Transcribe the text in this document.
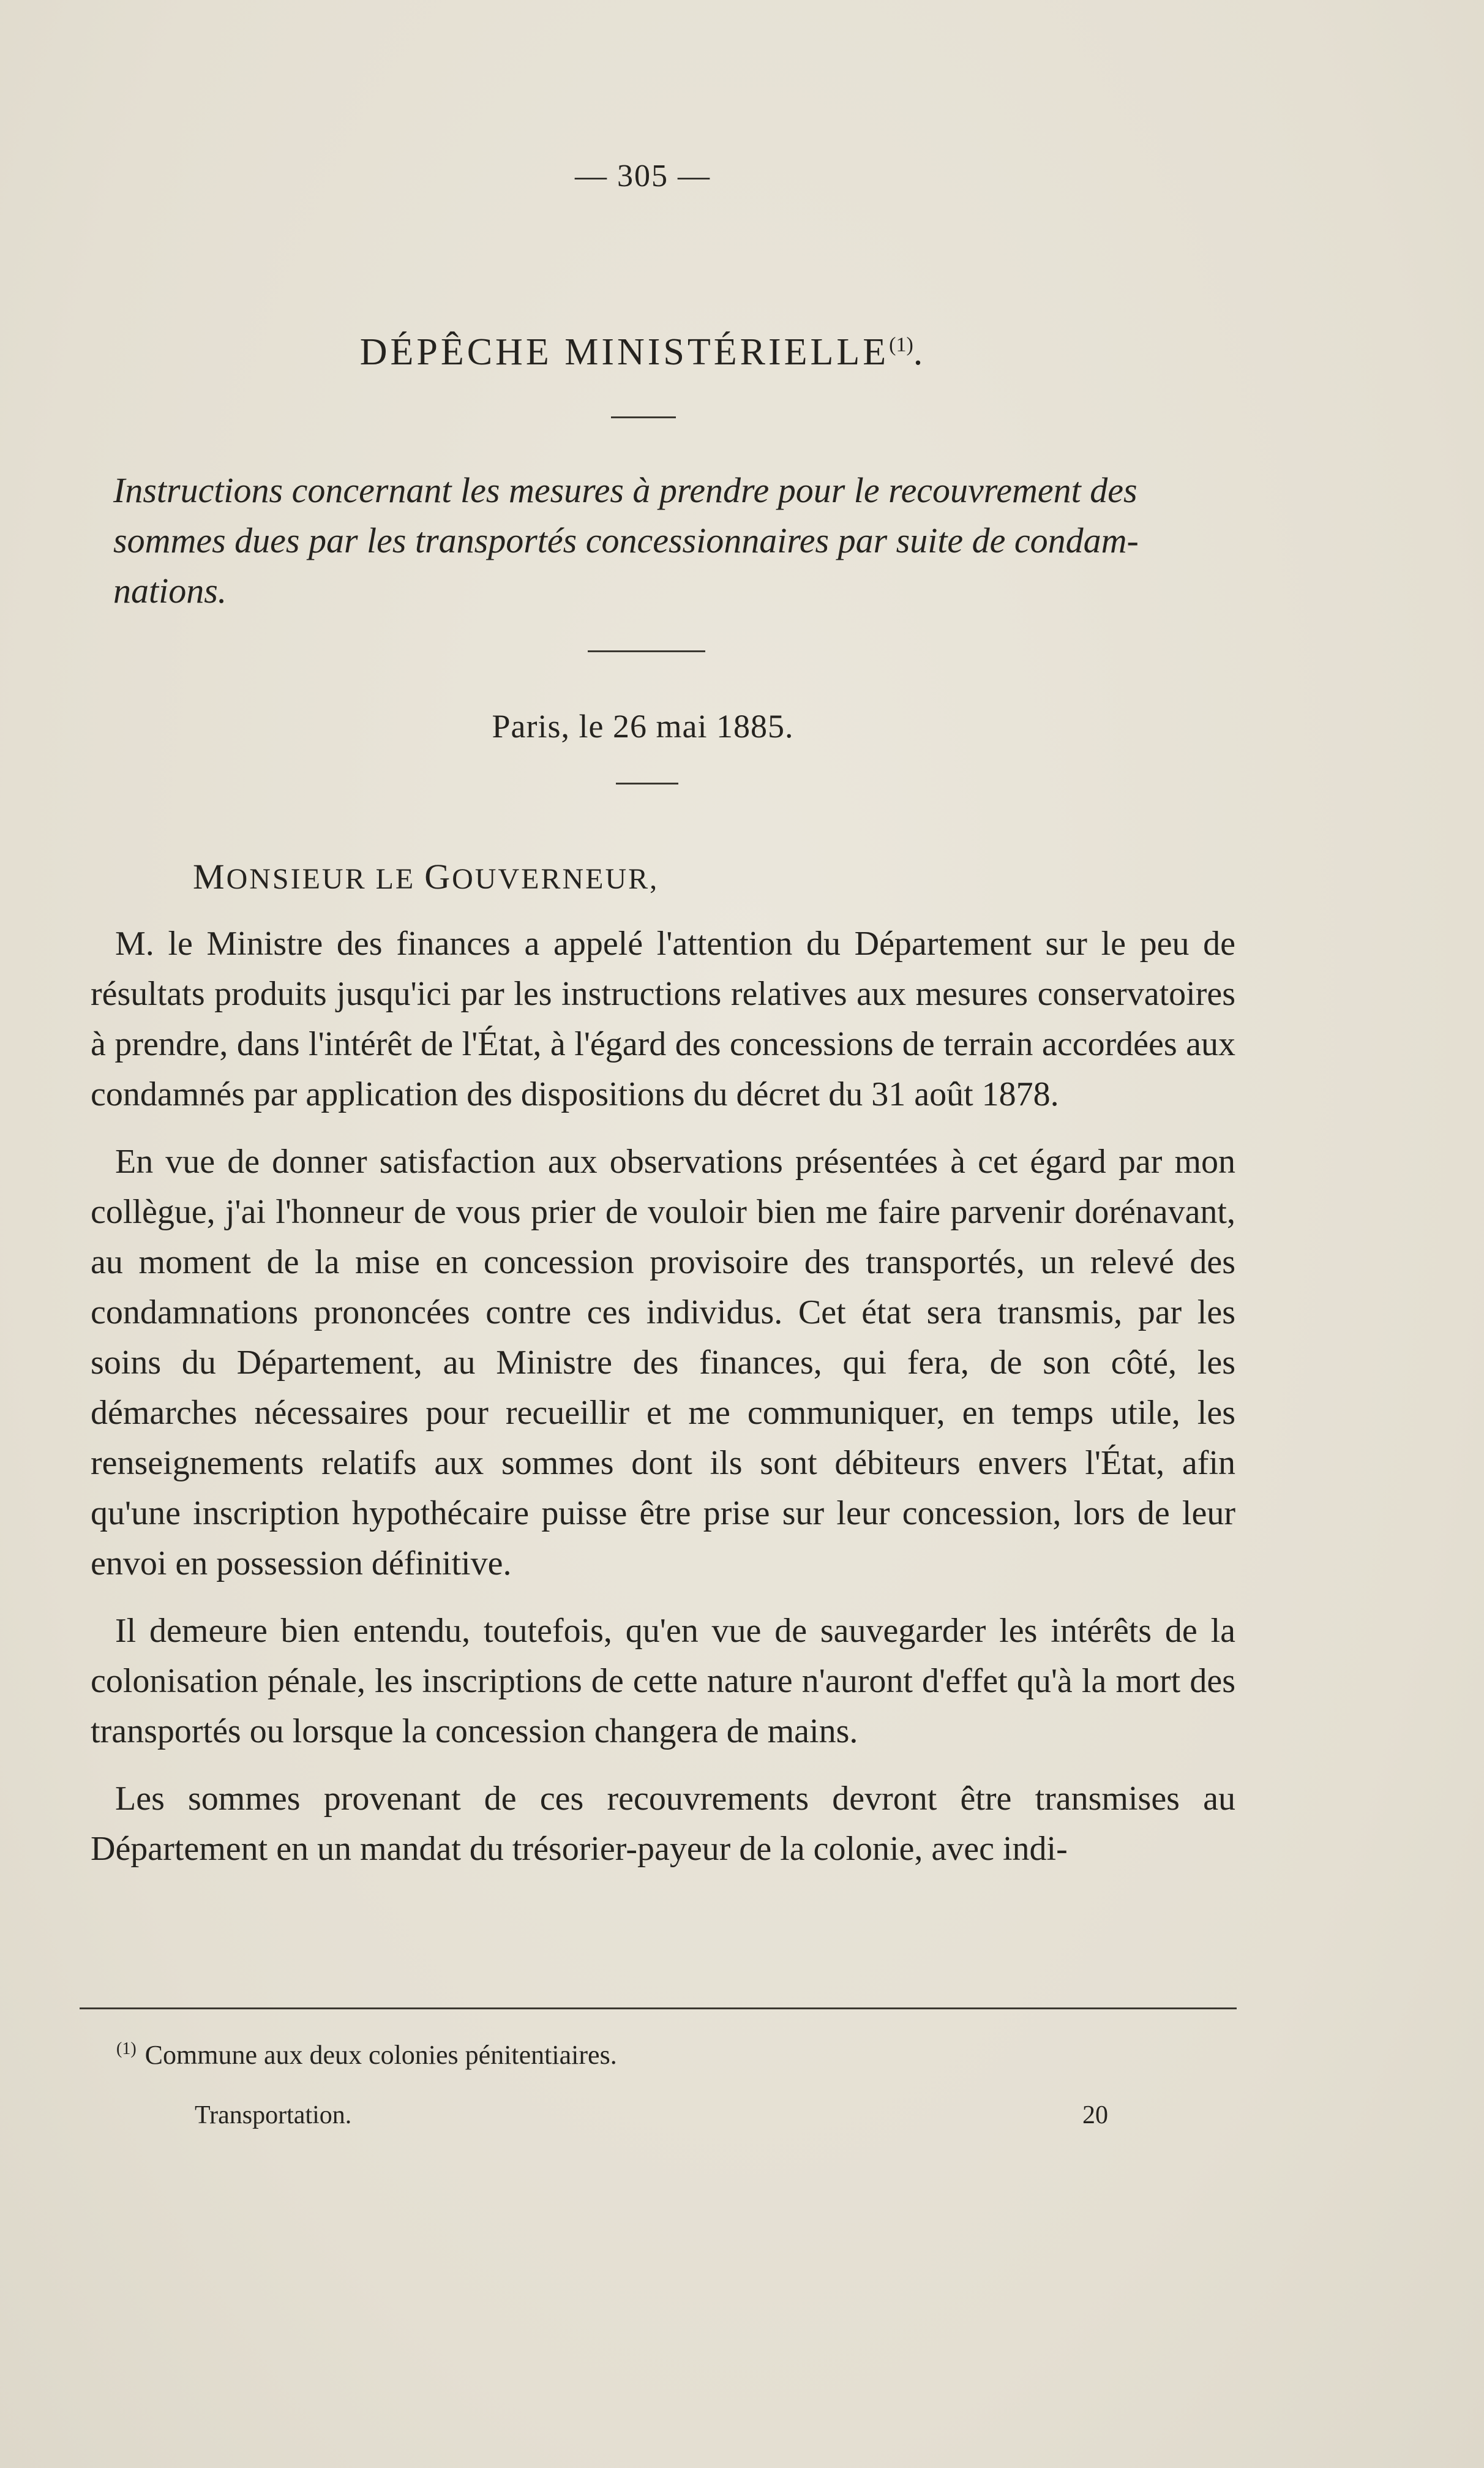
— 305 —
DÉPÊCHE MINISTÉRIELLE$^{(1)}$.
Instructions concernant les mesures à prendre pour le recouvrement des
sommes dues par les transportés concessionnaires par suite de condam-
nations.
Paris, le 26 mai 1885.
MONSIEUR LE GOUVERNEUR,

M. le Ministre des finances a appelé l'attention du Département sur le peu de résultats produits jusqu'ici par les instructions relatives aux mesures conservatoires à prendre, dans l'intérêt de l'État, à l'égard des concessions de terrain accordées aux condamnés par application des dispositions du décret du 31 août 1878.

En vue de donner satisfaction aux observations présentées à cet égard par mon collègue, j'ai l'honneur de vous prier de vouloir bien me faire parvenir dorénavant, au moment de la mise en concession provisoire des transportés, un relevé des condamnations prononcées contre ces individus. Cet état sera transmis, par les soins du Département, au Ministre des finances, qui fera, de son côté, les démarches nécessaires pour recueillir et me communiquer, en temps utile, les renseignements relatifs aux sommes dont ils sont débiteurs envers l'État, afin qu'une inscription hypothécaire puisse être prise sur leur concession, lors de leur envoi en possession définitive.

Il demeure bien entendu, toutefois, qu'en vue de sauvegarder les intérêts de la colonisation pénale, les inscriptions de cette nature n'auront d'effet qu'à la mort des transportés ou lorsque la concession changera de mains.

Les sommes provenant de ces recouvrements devront être transmises au Département en un mandat du trésorier-payeur de la colonie, avec indi-

$^{(1)}$ Commune aux deux colonies pénitentiaires.
Transportation.	20
